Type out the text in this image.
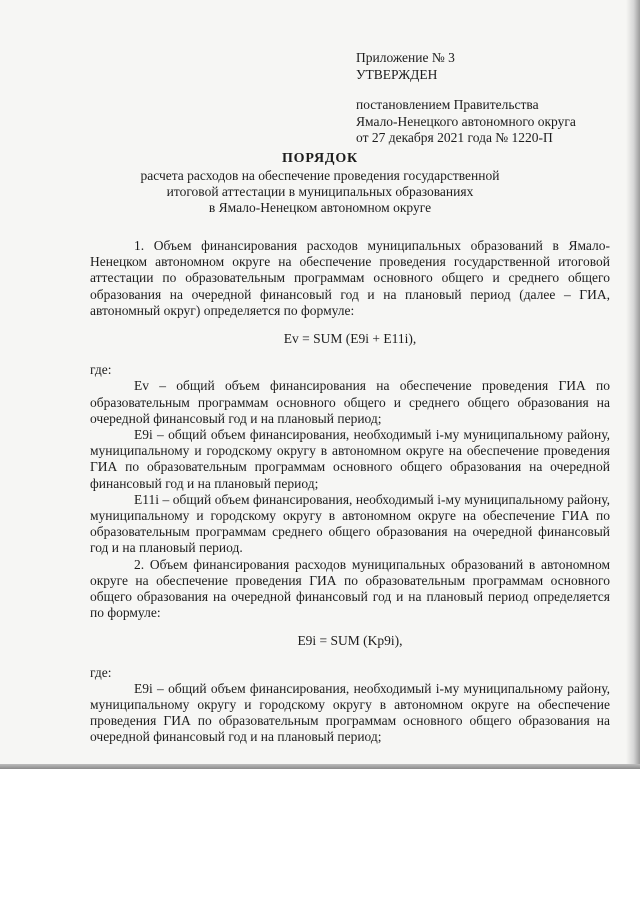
Приложение № 3
УТВЕРЖДЕН
постановлением Правительства
Ямало-Ненецкого автономного округа
от 27 декабря 2021 года № 1220-П
ПОРЯДОК
расчета расходов на обеспечение проведения государственной
итоговой аттестации в муниципальных образованиях
в Ямало-Ненецком автономном округе

1. Объем финансирования расходов муниципальных образований в Ямало-Ненецком автономном округе на обеспечение проведения государственной итоговой аттестации по образовательным программам основного общего и среднего общего образования на очередной финансовый год и на плановый период (далее – ГИА, автономный округ) определяется по формуле:

Ev = SUM (E9i + E11i),

где:

Ev – общий объем финансирования на обеспечение проведения ГИА по образовательным программам основного общего и среднего общего образования на очередной финансовый год и на плановый период;

E9i – общий объем финансирования, необходимый i-му муниципальному району, муниципальному и городскому округу в автономном округе на обеспечение проведения ГИА по образовательным программам основного общего образования на очередной финансовый год и на плановый период;

E11i – общий объем финансирования, необходимый i-му муниципальному району, муниципальному и городскому округу в автономном округе на обеспечение ГИА по образовательным программам среднего общего образования на очередной финансовый год и на плановый период.

2. Объем финансирования расходов муниципальных образований в автономном округе на обеспечение проведения ГИА по образовательным программам основного общего образования на очередной финансовый год и на плановый период определяется по формуле:

E9i = SUM (Kp9i),

где:

E9i – общий объем финансирования, необходимый i-му муниципальному району, муниципальному округу и городскому округу в автономном округе на обеспечение проведения ГИА по образовательным программам основного общего образования на очередной финансовый год и на плановый период;
